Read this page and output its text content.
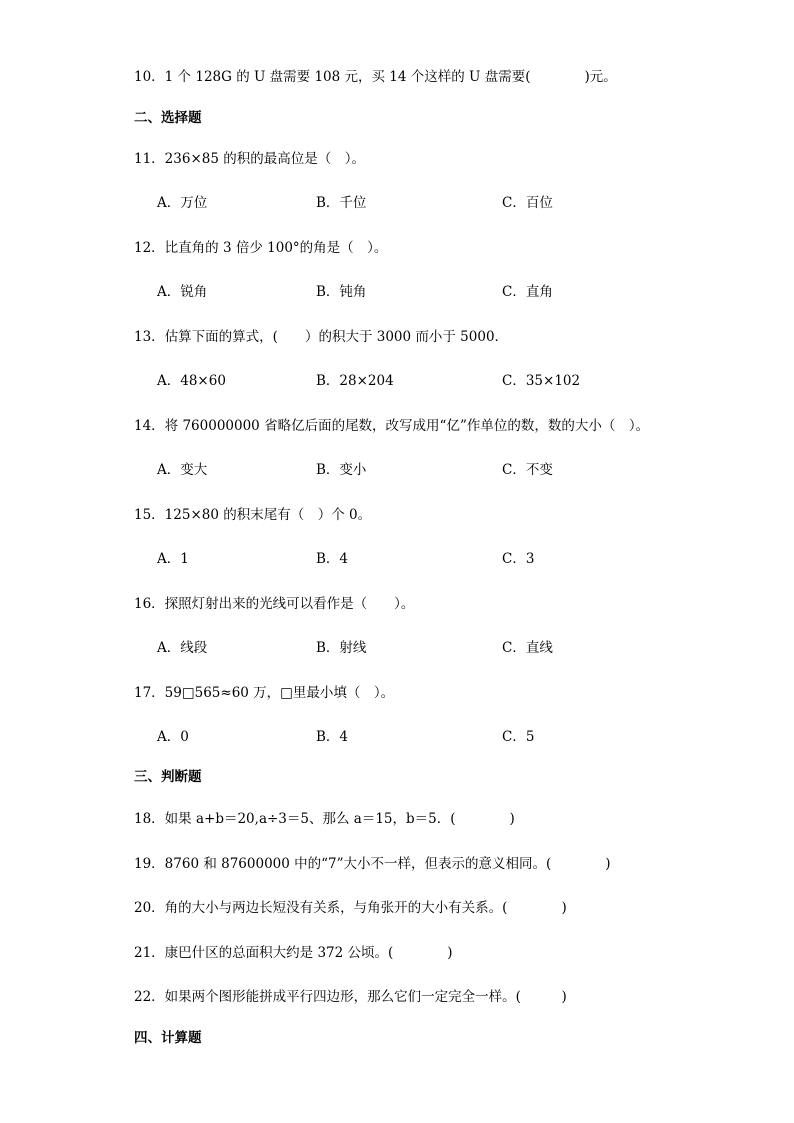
10．1 个 128G 的 U 盘需要 108 元，买 14 个这样的 U 盘需要(　　　　)元。
二、选择题
11．236×85 的积的最高位是（　）。
A．万位	B．千位	C．百位
12．比直角的 3 倍少 100°的角是（　）。
A．锐角	B．钝角	C．直角
13．估算下面的算式，(　　）的积大于 3000 而小于 5000．
A．48×60	B．28×204	C．35×102
14．将 760000000 省略亿后面的尾数，改写成用“亿”作单位的数，数的大小（　）。
A．变大	B．变小	C．不变
15．125×80 的积末尾有（　）个 0。
A．1	B．4	C．3
16．探照灯射出来的光线可以看作是（　　）。
A．线段	B．射线	C．直线
17．59□565≈60 万，□里最小填（　）。
A．0	B．4	C．5
三、判断题
18．如果 a+b＝20,a÷3＝5、那么 a＝15，b＝5．(　　　　)
19．8760 和 87600000 中的“7”大小不一样，但表示的意义相同。(　　　　)
20．角的大小与两边长短没有关系，与角张开的大小有关系。(　　　　)
21．康巴什区的总面积大约是 372 公顷。(　　　　)
22．如果两个图形能拼成平行四边形，那么它们一定完全一样。(　　　)
四、计算题
